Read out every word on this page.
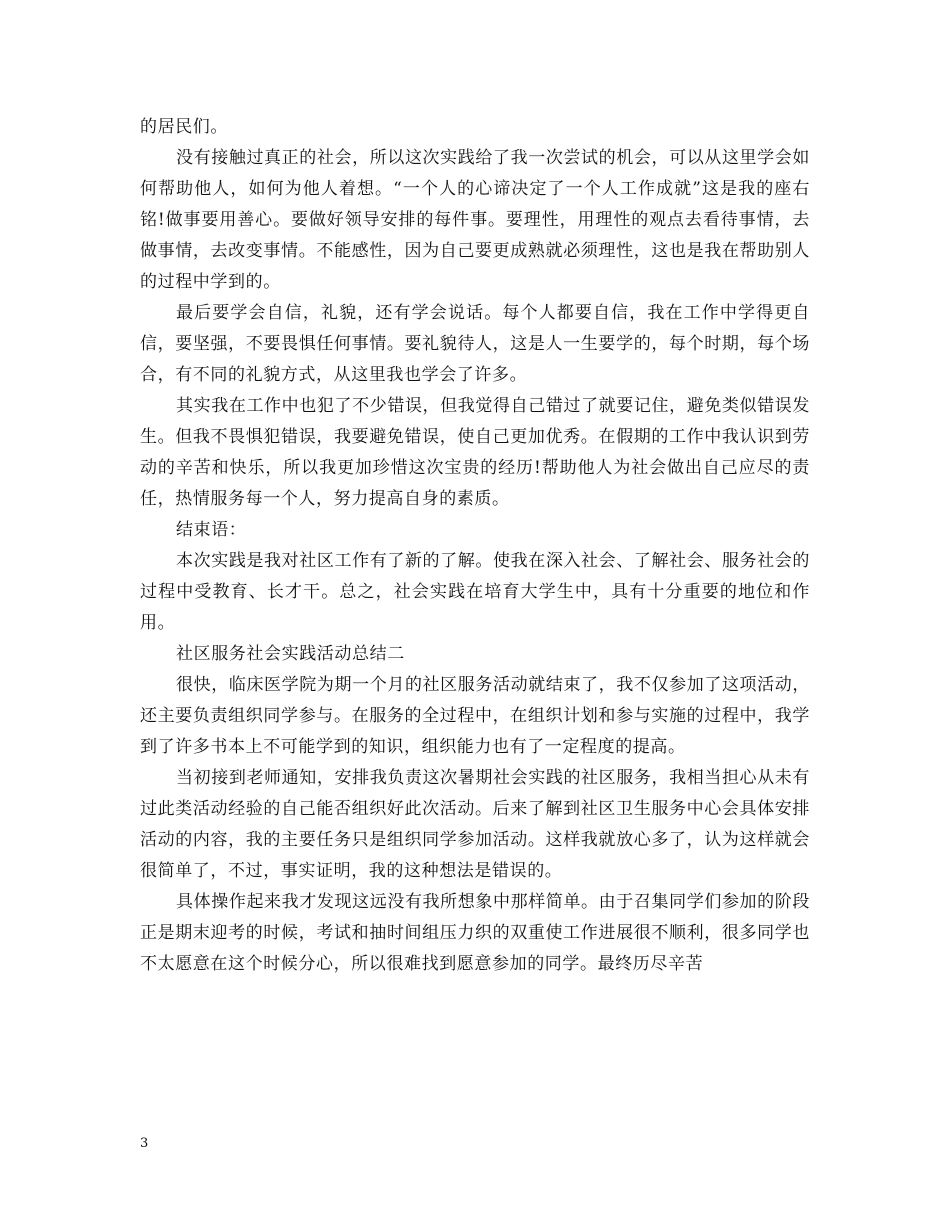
的居民们。

没有接触过真正的社会，所以这次实践给了我一次尝试的机会，可以从这里学会如何帮助他人，如何为他人着想。“一个人的心谛决定了一个人工作成就”这是我的座右铭!做事要用善心。要做好领导安排的每件事。要理性，用理性的观点去看待事情，去做事情，去改变事情。不能感性，因为自己要更成熟就必须理性，这也是我在帮助别人的过程中学到的。

最后要学会自信，礼貌，还有学会说话。每个人都要自信，我在工作中学得更自信，要坚强，不要畏惧任何事情。要礼貌待人，这是人一生要学的，每个时期，每个场合，有不同的礼貌方式，从这里我也学会了许多。

其实我在工作中也犯了不少错误，但我觉得自己错过了就要记住，避免类似错误发生。但我不畏惧犯错误，我要避免错误，使自己更加优秀。在假期的工作中我认识到劳动的辛苦和快乐，所以我更加珍惜这次宝贵的经历!帮助他人为社会做出自己应尽的责任，热情服务每一个人，努力提高自身的素质。

结束语：

本次实践是我对社区工作有了新的了解。使我在深入社会、了解社会、服务社会的过程中受教育、长才干。总之，社会实践在培育大学生中，具有十分重要的地位和作用。

社区服务社会实践活动总结二

很快，临床医学院为期一个月的社区服务活动就结束了，我不仅参加了这项活动，还主要负责组织同学参与。在服务的全过程中，在组织计划和参与实施的过程中，我学到了许多书本上不可能学到的知识，组织能力也有了一定程度的提高。

当初接到老师通知，安排我负责这次暑期社会实践的社区服务，我相当担心从未有过此类活动经验的自己能否组织好此次活动。后来了解到社区卫生服务中心会具体安排活动的内容，我的主要任务只是组织同学参加活动。这样我就放心多了，认为这样就会很简单了，不过，事实证明，我的这种想法是错误的。

具体操作起来我才发现这远没有我所想象中那样简单。由于召集同学们参加的阶段正是期末迎考的时候，考试和抽时间组压力织的双重使工作进展很不顺利，很多同学也不太愿意在这个时候分心，所以很难找到愿意参加的同学。最终历尽辛苦

3
